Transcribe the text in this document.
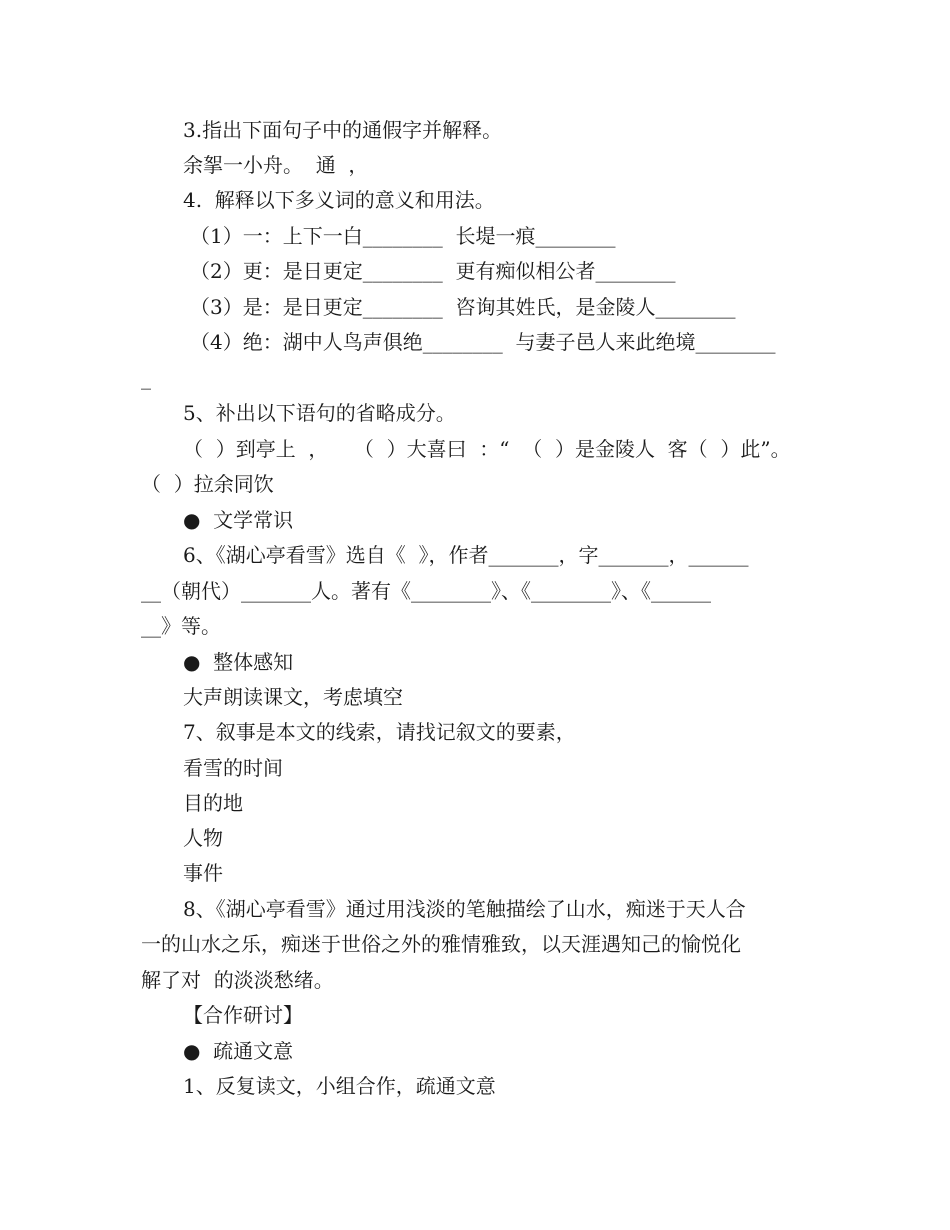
3.指出下面句子中的通假字并解释。
余挐一小舟。  通  ，
4.  解释以下多义词的意义和用法。
（1）一：上下一白________  长堤一痕________
（2）更：是日更定________  更有痴似相公者________
（3）是：是日更定________  咨询其姓氏，是金陵人________
（4）绝：湖中人鸟声俱绝________  与妻子邑人来此绝境________
_
5、补出以下语句的省略成分。
（  ）到亭上  ，    （  ）大喜曰  ：“  （  ）是金陵人  客（  ）此”。
（  ）拉余同饮
●  文学常识
6、《湖心亭看雪》选自《  》，作者_______，字_______，______
__（朝代）_______人。著有《________》、《________》、《______
__》等。
●  整体感知
大声朗读课文，考虑填空
7、叙事是本文的线索，请找记叙文的要素，
看雪的时间
目的地
人物
事件
8、《湖心亭看雪》通过用浅淡的笔触描绘了山水，痴迷于天人合
一的山水之乐，痴迷于世俗之外的雅情雅致，以天涯遇知己的愉悦化
解了对  的淡淡愁绪。
【合作研讨】
●  疏通文意
1、反复读文，小组合作，疏通文意
